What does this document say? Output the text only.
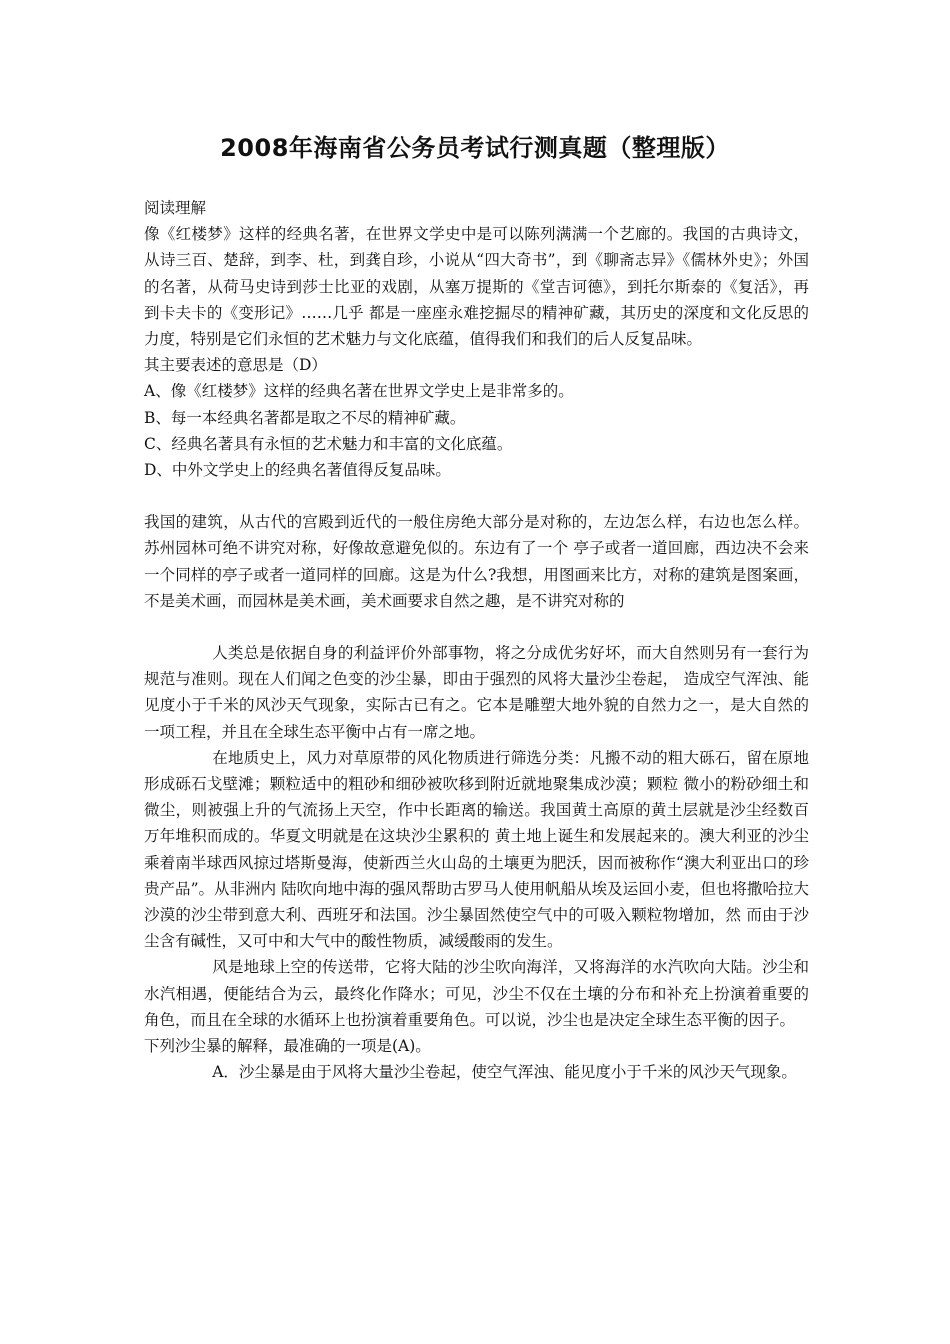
2008年海南省公务员考试行测真题（整理版）

阅读理解

像《红楼梦》这样的经典名著，在世界文学史中是可以陈列满满一个艺廊的。我国的古典诗文，从诗三百、楚辞，到李、杜，到龚自珍，小说从“四大奇书”，到《聊斋志异》《儒林外史》；外国的名著，从荷马史诗到莎士比亚的戏剧，从塞万提斯的《堂吉诃德》，到托尔斯泰的《复活》，再到卡夫卡的《变形记》……几乎 都是一座座永难挖掘尽的精神矿藏，其历史的深度和文化反思的力度，特别是它们永恒的艺术魅力与文化底蕴，值得我们和我们的后人反复品味。

其主要表述的意思是（D）

A、像《红楼梦》这样的经典名著在世界文学史上是非常多的。

B、每一本经典名著都是取之不尽的精神矿藏。

C、经典名著具有永恒的艺术魅力和丰富的文化底蕴。

D、中外文学史上的经典名著值得反复品味。

我国的建筑，从古代的宫殿到近代的一般住房绝大部分是对称的，左边怎么样，右边也怎么样。苏州园林可绝不讲究对称，好像故意避免似的。东边有了一个 亭子或者一道回廊，西边决不会来一个同样的亭子或者一道同样的回廊。这是为什么?我想，用图画来比方，对称的建筑是图案画，不是美术画，而园林是美术画，美术画要求自然之趣，是不讲究对称的

人类总是依据自身的利益评价外部事物，将之分成优劣好坏，而大自然则另有一套行为规范与准则。现在人们闻之色变的沙尘暴，即由于强烈的风将大量沙尘卷起， 造成空气浑浊、能见度小于千米的风沙天气现象，实际古已有之。它本是雕塑大地外貌的自然力之一，是大自然的一项工程，并且在全球生态平衡中占有一席之地。

在地质史上，风力对草原带的风化物质进行筛选分类：凡搬不动的粗大砾石，留在原地形成砾石戈壁滩；颗粒适中的粗砂和细砂被吹移到附近就地聚集成沙漠；颗粒 微小的粉砂细土和微尘，则被强上升的气流扬上天空，作中长距离的输送。我国黄土高原的黄土层就是沙尘经数百万年堆积而成的。华夏文明就是在这块沙尘累积的 黄土地上诞生和发展起来的。澳大利亚的沙尘乘着南半球西风掠过塔斯曼海，使新西兰火山岛的土壤更为肥沃，因而被称作“澳大利亚出口的珍贵产品”。从非洲内 陆吹向地中海的强风帮助古罗马人使用帆船从埃及运回小麦，但也将撒哈拉大沙漠的沙尘带到意大利、西班牙和法国。沙尘暴固然使空气中的可吸入颗粒物增加，然 而由于沙尘含有碱性，又可中和大气中的酸性物质，减缓酸雨的发生。

风是地球上空的传送带，它将大陆的沙尘吹向海洋，又将海洋的水汽吹向大陆。沙尘和水汽相遇，便能结合为云，最终化作降水；可见，沙尘不仅在土壤的分布和补充上扮演着重要的角色，而且在全球的水循环上也扮演着重要角色。可以说，沙尘也是决定全球生态平衡的因子。

下列沙尘暴的解释，最准确的一项是(A)。

A．沙尘暴是由于风将大量沙尘卷起，使空气浑浊、能见度小于千米的风沙天气现象。
